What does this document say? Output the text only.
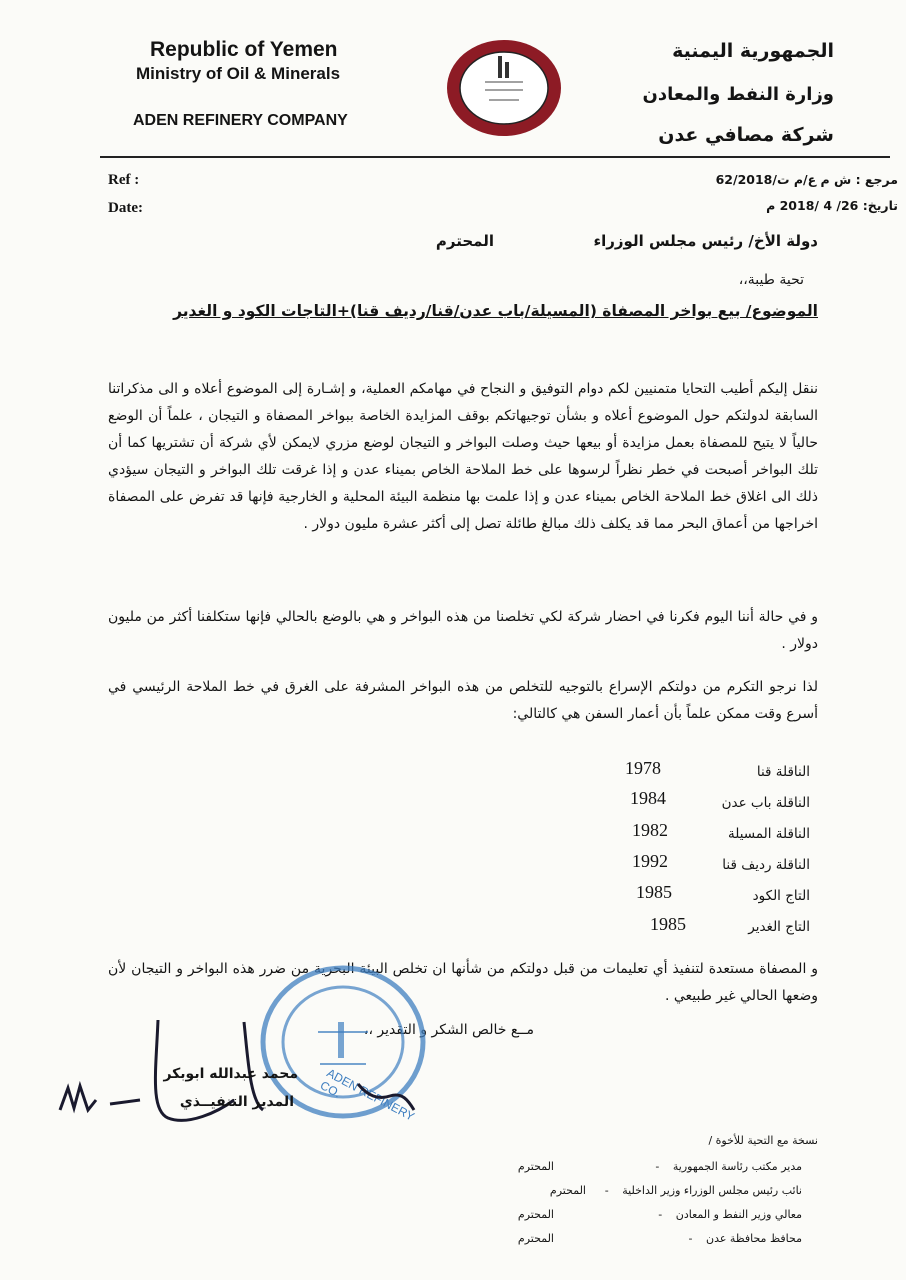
Republic of Yemen
Ministry of Oil & Minerals
ADEN REFINERY COMPANY
الجمهورية اليمنية
وزارة النفط والمعادن
شركة مصافي عدن
Ref :
Date:
مرجع : ش م ع/م ت/62/2018
تاريخ: 26/ 4 /2018 م
دولة الأخ/ رئيس مجلس الوزراء
المحترم
تحية طيبة،،
الموضوع/ بيع بواخر المصفاة (المسيلة/باب عدن/قنا/رديف قنا)+التاجات الكود و الغدير
ننقل إليكم أطيب التحايا متمنيين لكم دوام التوفيق و النجاح في مهامكم العملية، و إشـارة إلى الموضوع أعلاه و الى مذكراتنا السابقة لدولتكم حول الموضوع أعلاه و بشأن توجيهاتكم بوقف المزايدة الخاصة ببواخر المصفاة و التيجان ، علماً أن الوضع حالياً لا يتيح للمصفاة بعمل مزايدة أو بيعها حيث وصلت البواخر و التيجان لوضع مزري لايمكن لأي شركة أن تشتريها كما أن تلك البواخر أصبحت في خطر نظراً لرسوها على خط الملاحة الخاص بميناء عدن و إذا غرقت تلك البواخر و التيجان سيؤدي ذلك الى اغلاق خط الملاحة الخاص بميناء عدن و إذا علمت بها منظمة البيئة المحلية و الخارجية فإنها قد تفرض على المصفاة اخراجها من أعماق البحر مما قد يكلف ذلك مبالغ طائلة تصل إلى أكثر عشرة مليون دولار .
و في حالة أننا اليوم فكرنا في احضار شركة لكي تخلصنا من هذه البواخر و هي بالوضع بالحالي فإنها ستكلفنا أكثر من مليون دولار .
لذا نرجو التكرم من دولتكم الإسراع بالتوجيه للتخلص من هذه البواخر المشرفة على الغرق في خط الملاحة الرئيسي في أسرع وقت ممكن علماً بأن أعمار السفن هي كالتالي:
الناقلة قنا
1978
الناقلة باب عدن
1984
الناقلة المسيلة
1982
الناقلة رديف قنا
1992
التاج الكود
1985
التاج الغدير
1985
و المصفاة مستعدة لتنفيذ أي تعليمات من قبل دولتكم من شأنها ان تخلص البيئة البحرية من ضرر هذه البواخر و التيجان لأن وضعها الحالي غير طبيعي .
مــع خالص الشكر و التقدير ،،
ADEN REFINERY CO.
محمد عبدالله ابوبكر
المدير التنفيــذي
نسخة مع التحية للأخوة /
مدير مكتب رئاسة الجمهورية -
المحترم
نائب رئيس مجلس الوزراء وزير الداخلية -
المحترم
معالي وزير النفط و المعادن -
المحترم
محافظ محافظة عدن -
المحترم
